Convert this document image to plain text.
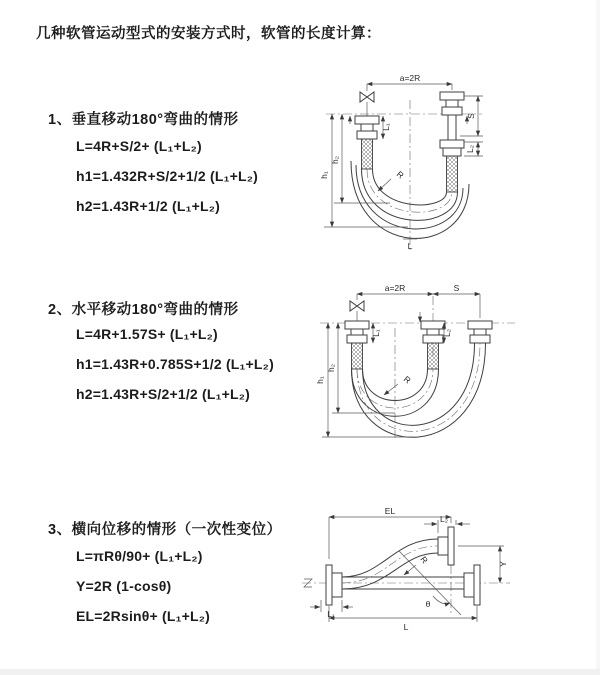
几种软管运动型式的安装方式时，软管的长度计算：
1、垂直移动180°弯曲的情形
L=4R+S/2+ (L₁+L₂)
h1=1.432R+S/2+1/2 (L₁+L₂)
h2=1.43R+1/2 (L₁+L₂)
a=2R
h₁
h₂
S
L₂
L₁
R
L
2、水平移动180°弯曲的情形
L=4R+1.57S+ (L₁+L₂)
h1=1.43R+0.785S+1/2 (L₁+L₂)
h2=1.43R+S/2+1/2 (L₁+L₂)
a=2R	S
h₁
h₂
L₁	L₂
R
3、横向位移的情形（一次性变位）
L=πRθ/90+ (L₁+L₂)
Y=2R (1-cosθ)
EL=2Rsinθ+ (L₁+L₂)
EL
L₂
Y
L
L₁
R
θ
